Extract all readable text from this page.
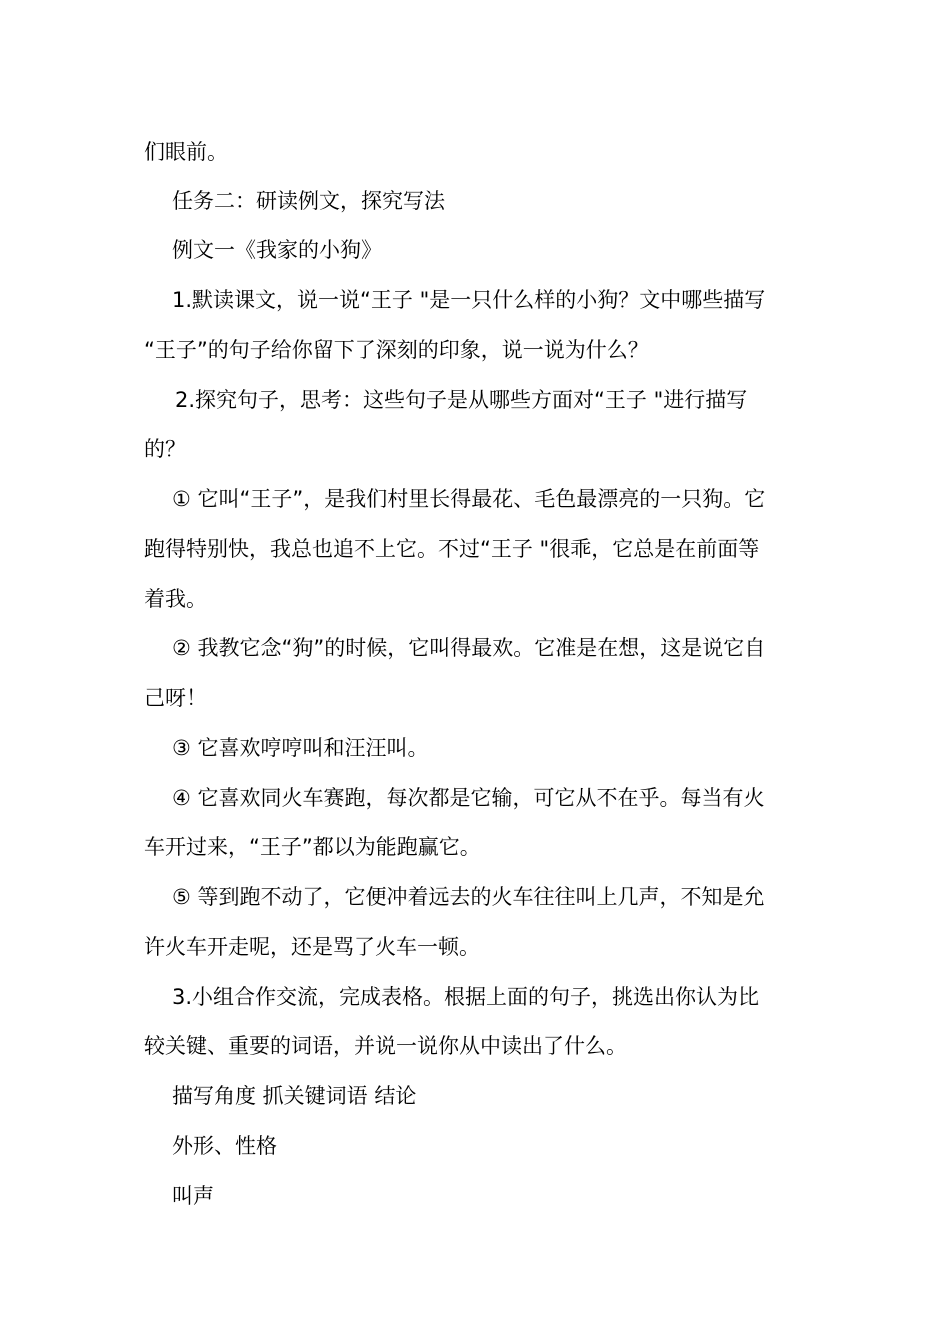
们眼前。

任务二：研读例文，探究写法

例文一《我家的小狗》

1.默读课文，说一说“王子 "是一只什么样的小狗？文中哪些描写

“王子”的句子给你留下了深刻的印象，说一说为什么？

2.探究句子，思考：这些句子是从哪些方面对“王子 "进行描写

的？

① 它叫“王子”，是我们村里长得最花、毛色最漂亮的一只狗。它

跑得特别快，我总也追不上它。不过“王子 "很乖，它总是在前面等

着我。

② 我教它念“狗”的时候，它叫得最欢。它准是在想，这是说它自

己呀！

③ 它喜欢哼哼叫和汪汪叫。

④ 它喜欢同火车赛跑，每次都是它输，可它从不在乎。每当有火

车开过来，“王子”都以为能跑赢它。

⑤ 等到跑不动了，它便冲着远去的火车往往叫上几声，不知是允

许火车开走呢，还是骂了火车一顿。

3.小组合作交流，完成表格。根据上面的句子，挑选出你认为比

较关键、重要的词语，并说一说你从中读出了什么。

描写角度 抓关键词语 结论

外形、性格

叫声
